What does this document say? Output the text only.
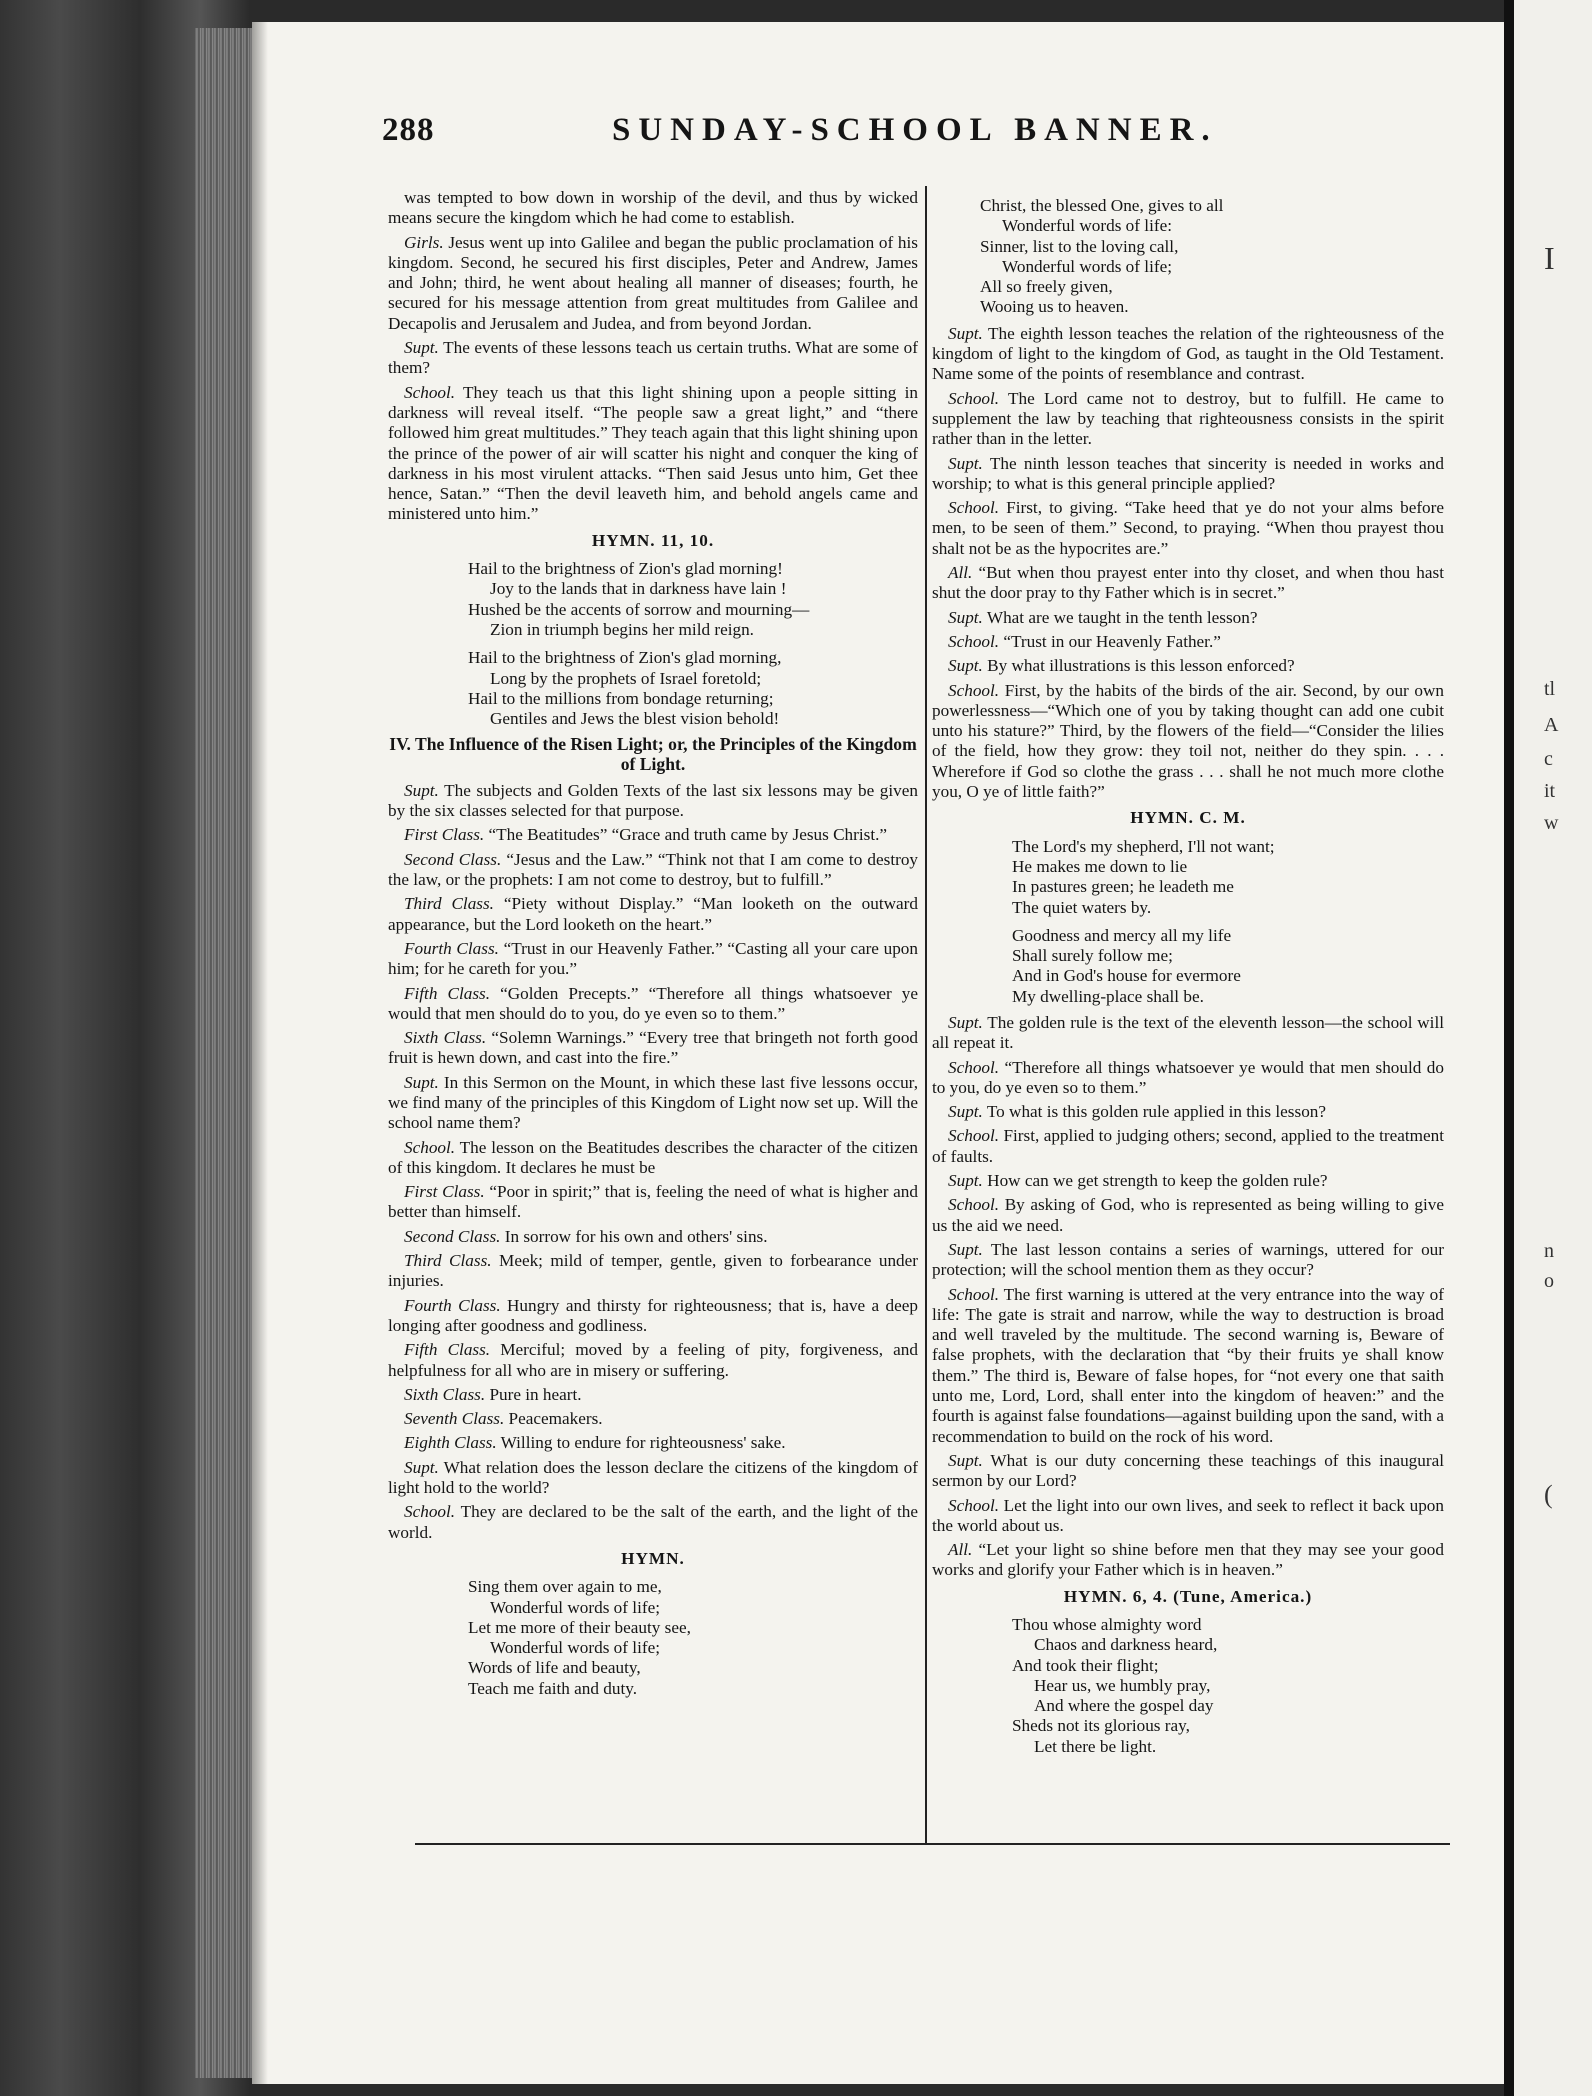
I
tl
A
c
it
w
n
o
(
288	SUNDAY-SCHOOL BANNER.

was tempted to bow down in worship of the devil, and thus by wicked means secure the kingdom which he had come to establish.

Girls. Jesus went up into Galilee and began the public proclamation of his kingdom. Second, he secured his first disciples, Peter and Andrew, James and John; third, he went about healing all manner of diseases; fourth, he secured for his message attention from great multitudes from Galilee and Decapolis and Jerusalem and Judea, and from beyond Jordan.

Supt. The events of these lessons teach us certain truths. What are some of them?

School. They teach us that this light shining upon a people sitting in darkness will reveal itself. “The people saw a great light,” and “there followed him great multitudes.” They teach again that this light shining upon the prince of the power of air will scatter his night and conquer the king of darkness in his most virulent attacks. “Then said Jesus unto him, Get thee hence, Satan.” “Then the devil leaveth him, and behold angels came and ministered unto him.”

HYMN. 11, 10.
Hail to the brightness of Zion's glad morning!
Joy to the lands that in darkness have lain !
Hushed be the accents of sorrow and mourning—
Zion in triumph begins her mild reign.
Hail to the brightness of Zion's glad morning,
Long by the prophets of Israel foretold;
Hail to the millions from bondage returning;
Gentiles and Jews the blest vision behold!
IV. The Influence of the Risen Light; or, the Principles of the Kingdom of Light.

Supt. The subjects and Golden Texts of the last six lessons may be given by the six classes selected for that purpose.

First Class. “The Beatitudes” “Grace and truth came by Jesus Christ.”

Second Class. “Jesus and the Law.” “Think not that I am come to destroy the law, or the prophets: I am not come to destroy, but to fulfill.”

Third Class. “Piety without Display.” “Man looketh on the outward appearance, but the Lord looketh on the heart.”

Fourth Class. “Trust in our Heavenly Father.” “Casting all your care upon him; for he careth for you.”

Fifth Class. “Golden Precepts.” “Therefore all things whatsoever ye would that men should do to you, do ye even so to them.”

Sixth Class. “Solemn Warnings.” “Every tree that bringeth not forth good fruit is hewn down, and cast into the fire.”

Supt. In this Sermon on the Mount, in which these last five lessons occur, we find many of the principles of this Kingdom of Light now set up. Will the school name them?

School. The lesson on the Beatitudes describes the character of the citizen of this kingdom. It declares he must be

First Class. “Poor in spirit;” that is, feeling the need of what is higher and better than himself.

Second Class. In sorrow for his own and others' sins.

Third Class. Meek; mild of temper, gentle, given to forbearance under injuries.

Fourth Class. Hungry and thirsty for righteousness; that is, have a deep longing after goodness and godliness.

Fifth Class. Merciful; moved by a feeling of pity, forgiveness, and helpfulness for all who are in misery or suffering.

Sixth Class. Pure in heart.

Seventh Class. Peacemakers.

Eighth Class. Willing to endure for righteousness' sake.

Supt. What relation does the lesson declare the citizens of the kingdom of light hold to the world?

School. They are declared to be the salt of the earth, and the light of the world.

HYMN.
Sing them over again to me,
Wonderful words of life;
Let me more of their beauty see,
Wonderful words of life;
Words of life and beauty,
Teach me faith and duty.
Christ, the blessed One, gives to all
Wonderful words of life:
Sinner, list to the loving call,
Wonderful words of life;
All so freely given,
Wooing us to heaven.

Supt. The eighth lesson teaches the relation of the righteousness of the kingdom of light to the kingdom of God, as taught in the Old Testament. Name some of the points of resemblance and contrast.

School. The Lord came not to destroy, but to fulfill. He came to supplement the law by teaching that righteousness consists in the spirit rather than in the letter.

Supt. The ninth lesson teaches that sincerity is needed in works and worship; to what is this general principle applied?

School. First, to giving. “Take heed that ye do not your alms before men, to be seen of them.” Second, to praying. “When thou prayest thou shalt not be as the hypocrites are.”

All. “But when thou prayest enter into thy closet, and when thou hast shut the door pray to thy Father which is in secret.”

Supt. What are we taught in the tenth lesson?

School. “Trust in our Heavenly Father.”

Supt. By what illustrations is this lesson enforced?

School. First, by the habits of the birds of the air. Second, by our own powerlessness—“Which one of you by taking thought can add one cubit unto his stature?” Third, by the flowers of the field—“Consider the lilies of the field, how they grow: they toil not, neither do they spin. . . . Wherefore if God so clothe the grass . . . shall he not much more clothe you, O ye of little faith?”

HYMN. C. M.
The Lord's my shepherd, I'll not want;
He makes me down to lie
In pastures green; he leadeth me
The quiet waters by.
Goodness and mercy all my life
Shall surely follow me;
And in God's house for evermore
My dwelling-place shall be.

Supt. The golden rule is the text of the eleventh lesson—the school will all repeat it.

School. “Therefore all things whatsoever ye would that men should do to you, do ye even so to them.”

Supt. To what is this golden rule applied in this lesson?

School. First, applied to judging others; second, applied to the treatment of faults.

Supt. How can we get strength to keep the golden rule?

School. By asking of God, who is represented as being willing to give us the aid we need.

Supt. The last lesson contains a series of warnings, uttered for our protection; will the school mention them as they occur?

School. The first warning is uttered at the very entrance into the way of life: The gate is strait and narrow, while the way to destruction is broad and well traveled by the multitude. The second warning is, Beware of false prophets, with the declaration that “by their fruits ye shall know them.” The third is, Beware of false hopes, for “not every one that saith unto me, Lord, Lord, shall enter into the kingdom of heaven:” and the fourth is against false foundations—against building upon the sand, with a recommendation to build on the rock of his word.

Supt. What is our duty concerning these teachings of this inaugural sermon by our Lord?

School. Let the light into our own lives, and seek to reflect it back upon the world about us.

All. “Let your light so shine before men that they may see your good works and glorify your Father which is in heaven.”

HYMN. 6, 4. (Tune, America.)
Thou whose almighty word
Chaos and darkness heard,
And took their flight;
Hear us, we humbly pray,
And where the gospel day
Sheds not its glorious ray,
Let there be light.
